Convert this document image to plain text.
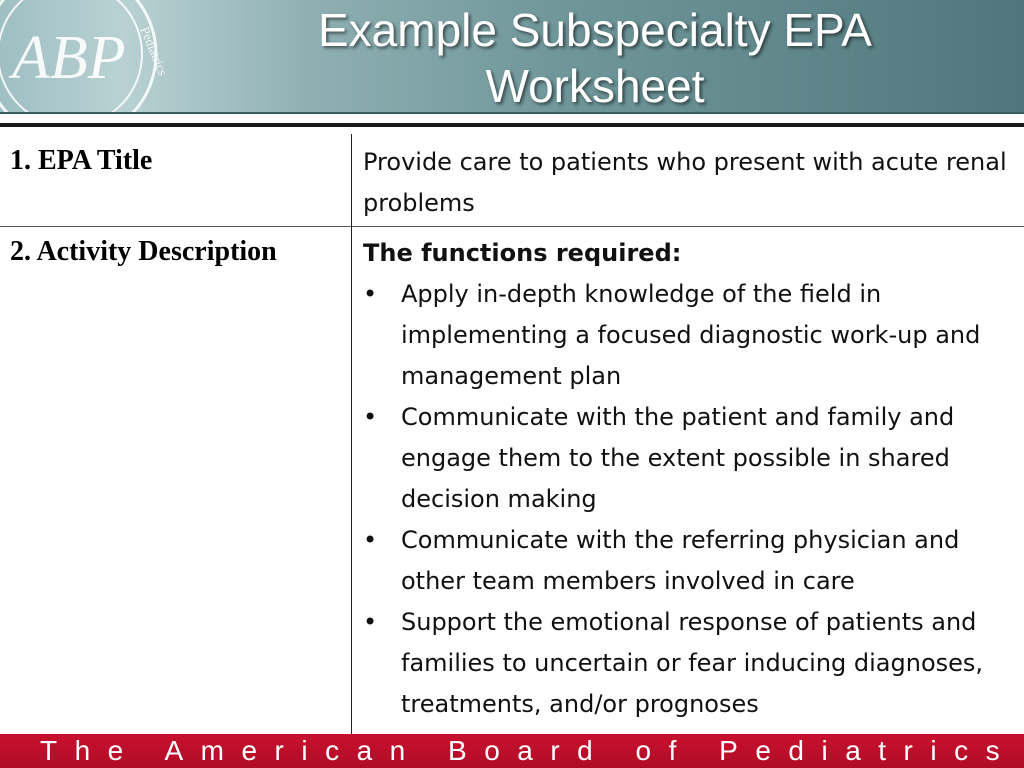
ABP Pediatrics	Example Subspecialty EPA
Worksheet
1. EPA Title	Provide care to patients who present with acute renal problems
2. Activity Description	The functions required:
• Apply in-depth knowledge of the field in implementing a focused diagnostic work-up and management plan
• Communicate with the patient and family and engage them to the extent possible in shared decision making
• Communicate with the referring physician and other team members involved in care
• Support the emotional response of patients and families to uncertain or fear inducing diagnoses, treatments, and/or prognoses
The American Board of Pediatrics
